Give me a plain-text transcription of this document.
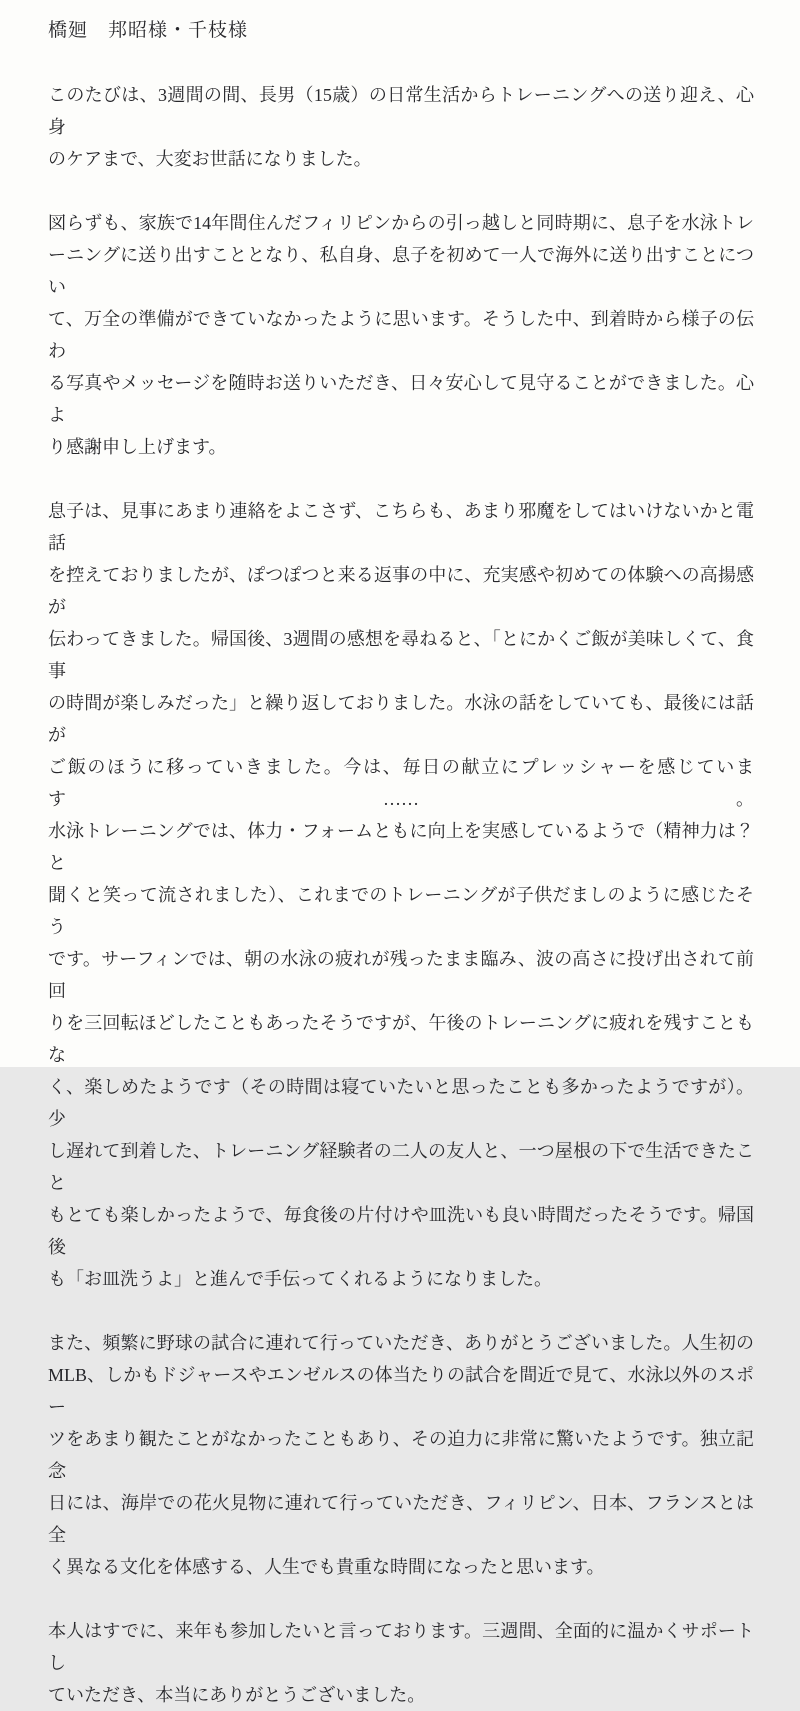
橋廻　邦昭様・千枝様
このたびは、3週間の間、長男（15歳）の日常生活からトレーニングへの送り迎え、心身
のケアまで、大変お世話になりました。
図らずも、家族で14年間住んだフィリピンからの引っ越しと同時期に、息子を水泳トレ
ーニングに送り出すこととなり、私自身、息子を初めて一人で海外に送り出すことについ
て、万全の準備ができていなかったように思います。そうした中、到着時から様子の伝わ
る写真やメッセージを随時お送りいただき、日々安心して見守ることができました。心よ
り感謝申し上げます。
息子は、見事にあまり連絡をよこさず、こちらも、あまり邪魔をしてはいけないかと電話
を控えておりましたが、ぽつぽつと来る返事の中に、充実感や初めての体験への高揚感が
伝わってきました。帰国後、3週間の感想を尋ねると、「とにかくご飯が美味しくて、食事
の時間が楽しみだった」と繰り返しておりました。水泳の話をしていても、最後には話が
ご飯のほうに移っていきました。今は、毎日の献立にプレッシャーを感じています……。
水泳トレーニングでは、体力・フォームともに向上を実感しているようで（精神力は？と
聞くと笑って流されました）、これまでのトレーニングが子供だましのように感じたそう
です。サーフィンでは、朝の水泳の疲れが残ったまま臨み、波の高さに投げ出されて前回
りを三回転ほどしたこともあったそうですが、午後のトレーニングに疲れを残すこともな
く、楽しめたようです（その時間は寝ていたいと思ったことも多かったようですが）。少
し遅れて到着した、トレーニング経験者の二人の友人と、一つ屋根の下で生活できたこと
もとても楽しかったようで、毎食後の片付けや皿洗いも良い時間だったそうです。帰国後
も「お皿洗うよ」と進んで手伝ってくれるようになりました。
また、頻繁に野球の試合に連れて行っていただき、ありがとうございました。人生初の
MLB、しかもドジャースやエンゼルスの体当たりの試合を間近で見て、水泳以外のスポー
ツをあまり観たことがなかったこともあり、その迫力に非常に驚いたようです。独立記念
日には、海岸での花火見物に連れて行っていただき、フィリピン、日本、フランスとは全
く異なる文化を体感する、人生でも貴重な時間になったと思います。
本人はすでに、来年も参加したいと言っております。三週間、全面的に温かくサポートし
ていただき、本当にありがとうございました。
